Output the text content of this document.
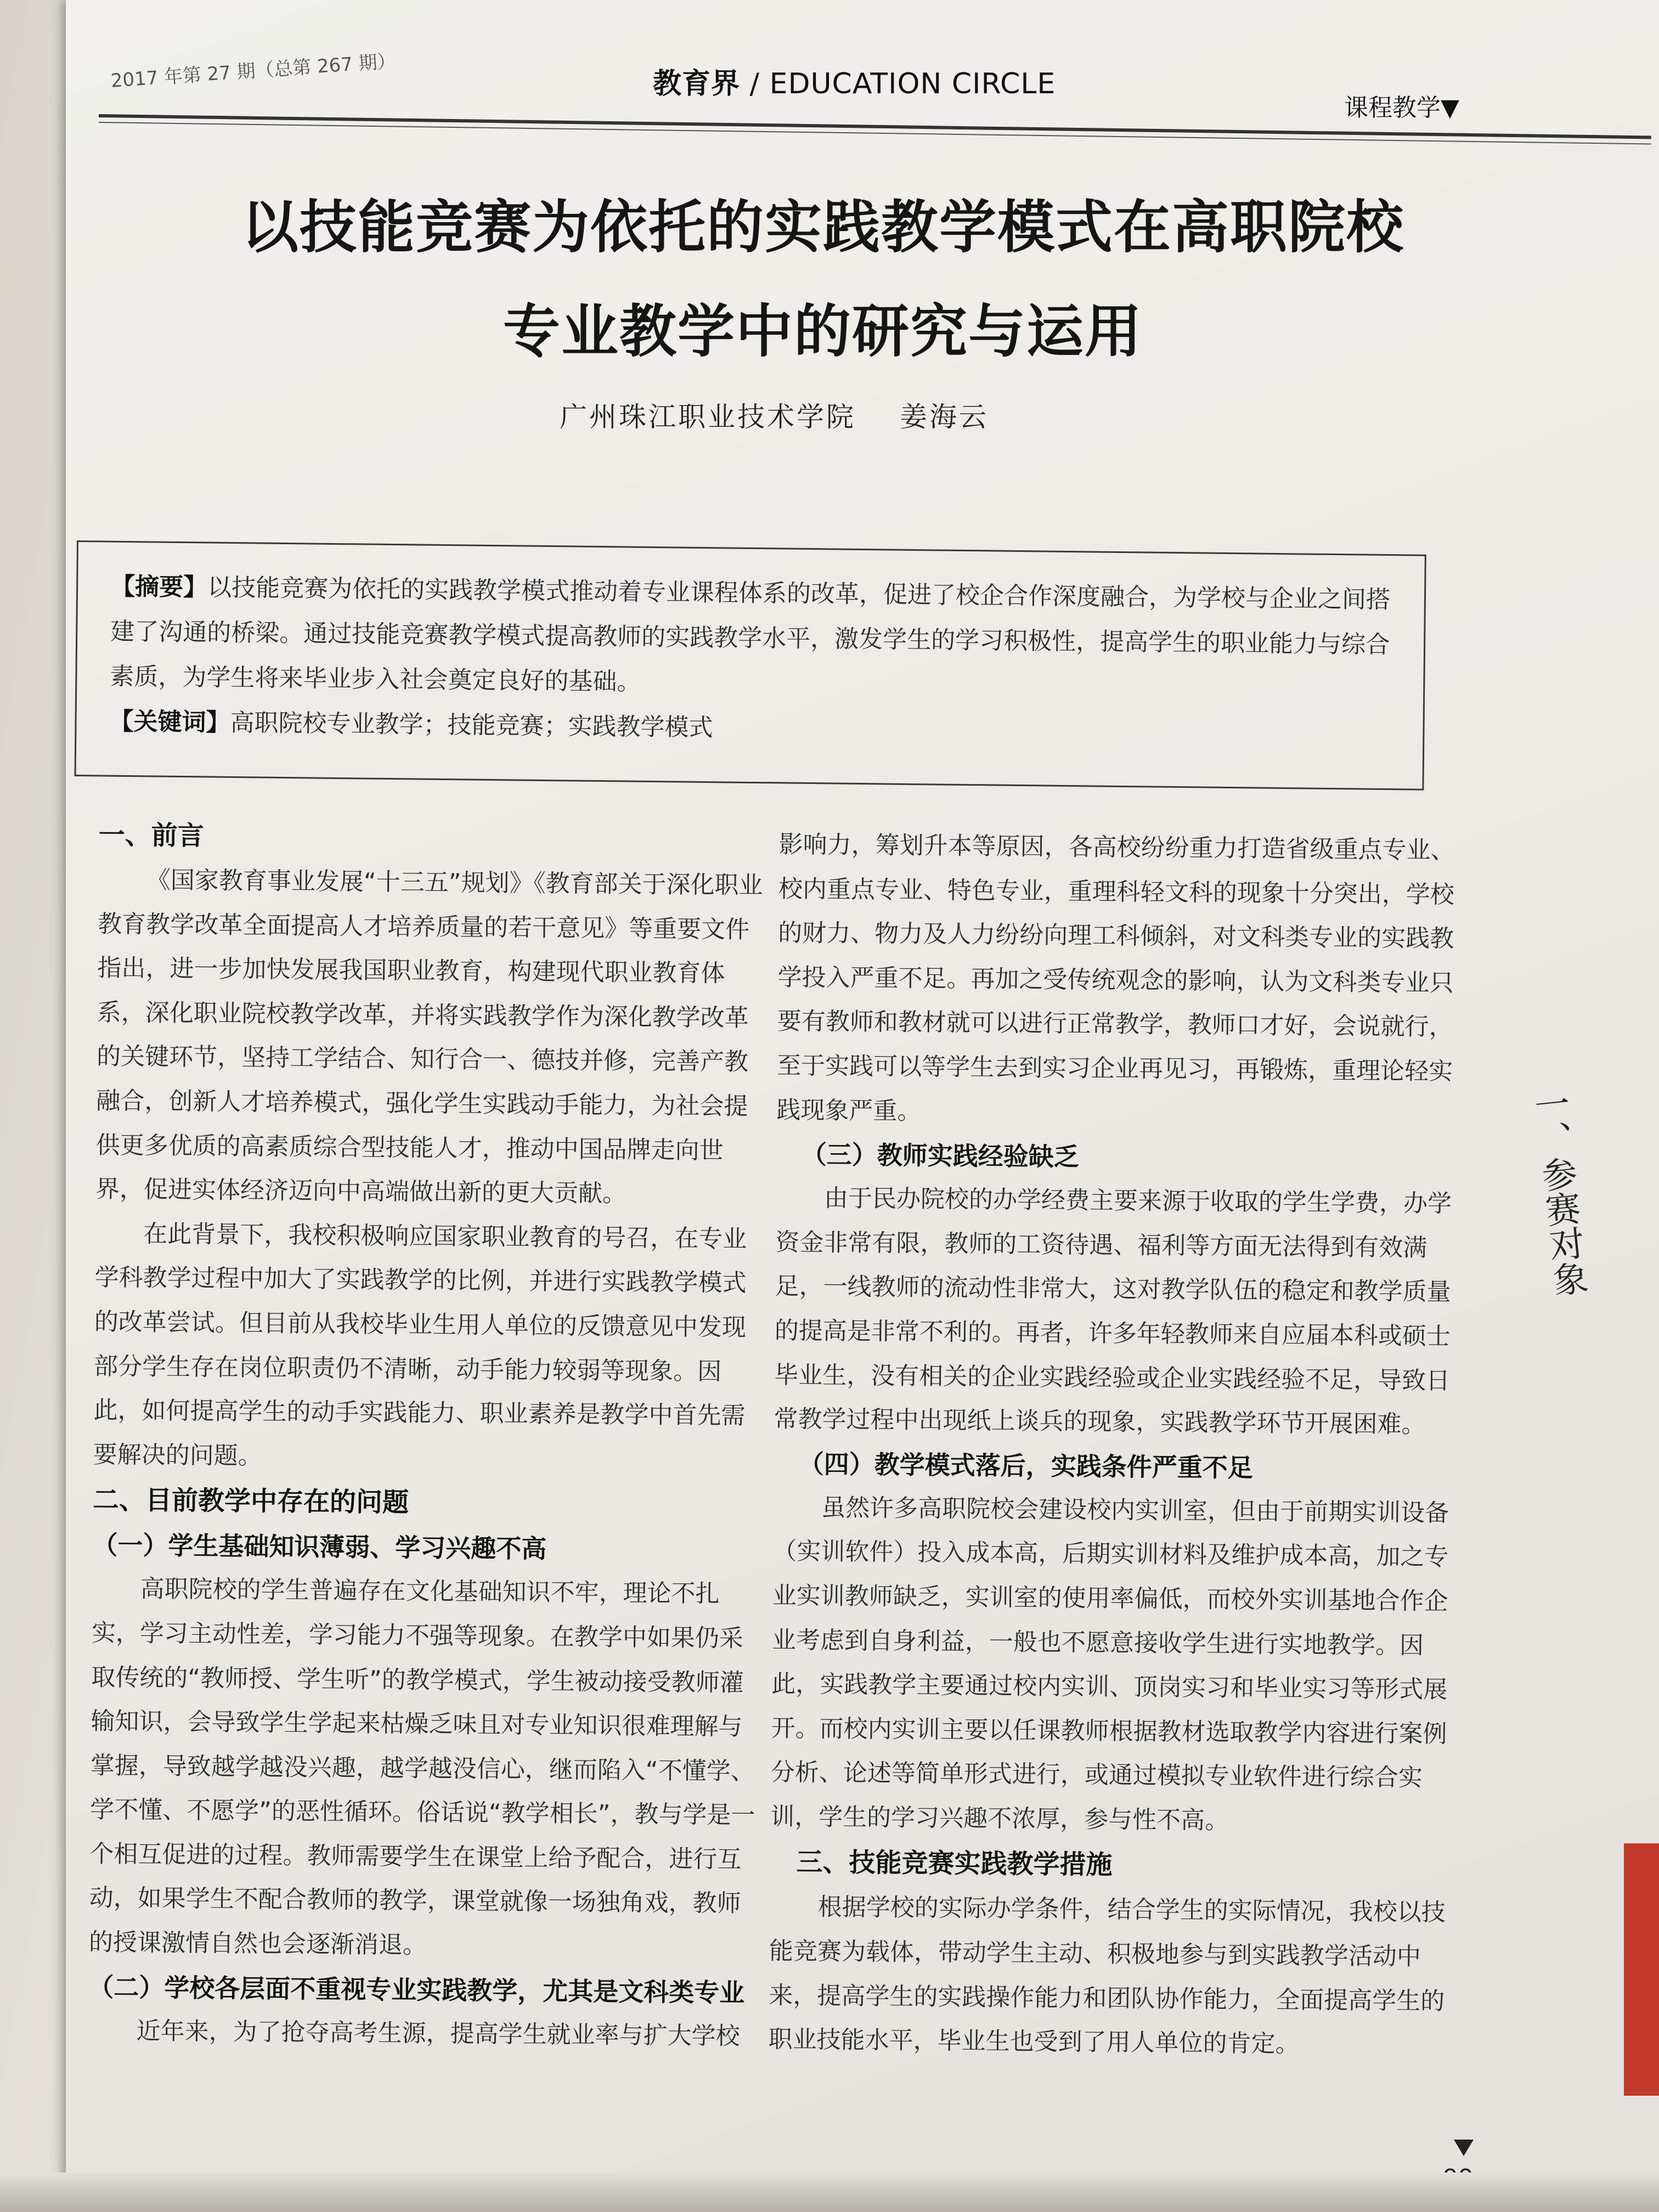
2017 年第 27 期（总第 267 期）	教育界 / EDUCATION CIRCLE
课程教学▼
以技能竞赛为依托的实践教学模式在高职院校
专业教学中的研究与运用
广州珠江职业技术学院 姜海云
【摘要】以技能竞赛为依托的实践教学模式推动着专业课程体系的改革，促进了校企合作深度融合，为学校与企业之间搭建了沟通的桥梁。通过技能竞赛教学模式提高教师的实践教学水平，激发学生的学习积极性，提高学生的职业能力与综合素质，为学生将来毕业步入社会奠定良好的基础。
【关键词】高职院校专业教学；技能竞赛；实践教学模式
一、前言

《国家教育事业发展“十三五”规划》《教育部关于深化职业教育教学改革全面提高人才培养质量的若干意见》等重要文件指出，进一步加快发展我国职业教育，构建现代职业教育体系，深化职业院校教学改革，并将实践教学作为深化教学改革的关键环节，坚持工学结合、知行合一、德技并修，完善产教融合，创新人才培养模式，强化学生实践动手能力，为社会提供更多优质的高素质综合型技能人才，推动中国品牌走向世界，促进实体经济迈向中高端做出新的更大贡献。

在此背景下，我校积极响应国家职业教育的号召，在专业学科教学过程中加大了实践教学的比例，并进行实践教学模式的改革尝试。但目前从我校毕业生用人单位的反馈意见中发现部分学生存在岗位职责仍不清晰，动手能力较弱等现象。因此，如何提高学生的动手实践能力、职业素养是教学中首先需要解决的问题。

二、目前教学中存在的问题
（一）学生基础知识薄弱、学习兴趣不高

高职院校的学生普遍存在文化基础知识不牢，理论不扎实，学习主动性差，学习能力不强等现象。在教学中如果仍采取传统的“教师授、学生听”的教学模式，学生被动接受教师灌输知识，会导致学生学起来枯燥乏味且对专业知识很难理解与掌握，导致越学越没兴趣，越学越没信心，继而陷入“不懂学、学不懂、不愿学”的恶性循环。俗话说“教学相长”，教与学是一个相互促进的过程。教师需要学生在课堂上给予配合，进行互动，如果学生不配合教师的教学，课堂就像一场独角戏，教师的授课激情自然也会逐渐消退。

（二）学校各层面不重视专业实践教学，尤其是文科类专业

近年来，为了抢夺高考生源，提高学生就业率与扩大学校

影响力，筹划升本等原因，各高校纷纷重力打造省级重点专业、校内重点专业、特色专业，重理科轻文科的现象十分突出，学校的财力、物力及人力纷纷向理工科倾斜，对文科类专业的实践教学投入严重不足。再加之受传统观念的影响，认为文科类专业只要有教师和教材就可以进行正常教学，教师口才好，会说就行，至于实践可以等学生去到实习企业再见习，再锻炼，重理论轻实践现象严重。

（三）教师实践经验缺乏

由于民办院校的办学经费主要来源于收取的学生学费，办学资金非常有限，教师的工资待遇、福利等方面无法得到有效满足，一线教师的流动性非常大，这对教学队伍的稳定和教学质量的提高是非常不利的。再者，许多年轻教师来自应届本科或硕士毕业生，没有相关的企业实践经验或企业实践经验不足，导致日常教学过程中出现纸上谈兵的现象，实践教学环节开展困难。

（四）教学模式落后，实践条件严重不足

虽然许多高职院校会建设校内实训室，但由于前期实训设备（实训软件）投入成本高，后期实训材料及维护成本高，加之专业实训教师缺乏，实训室的使用率偏低，而校外实训基地合作企业考虑到自身利益，一般也不愿意接收学生进行实地教学。因此，实践教学主要通过校内实训、顶岗实习和毕业实习等形式展开。而校内实训主要以任课教师根据教材选取教学内容进行案例分析、论述等简单形式进行，或通过模拟专业软件进行综合实训，学生的学习兴趣不浓厚，参与性不高。

三、技能竞赛实践教学措施

根据学校的实际办学条件，结合学生的实际情况，我校以技能竞赛为载体，带动学生主动、积极地参与到实践教学活动中来，提高学生的实践操作能力和团队协作能力，全面提高学生的职业技能水平，毕业生也受到了用人单位的肯定。

一、参赛对象
